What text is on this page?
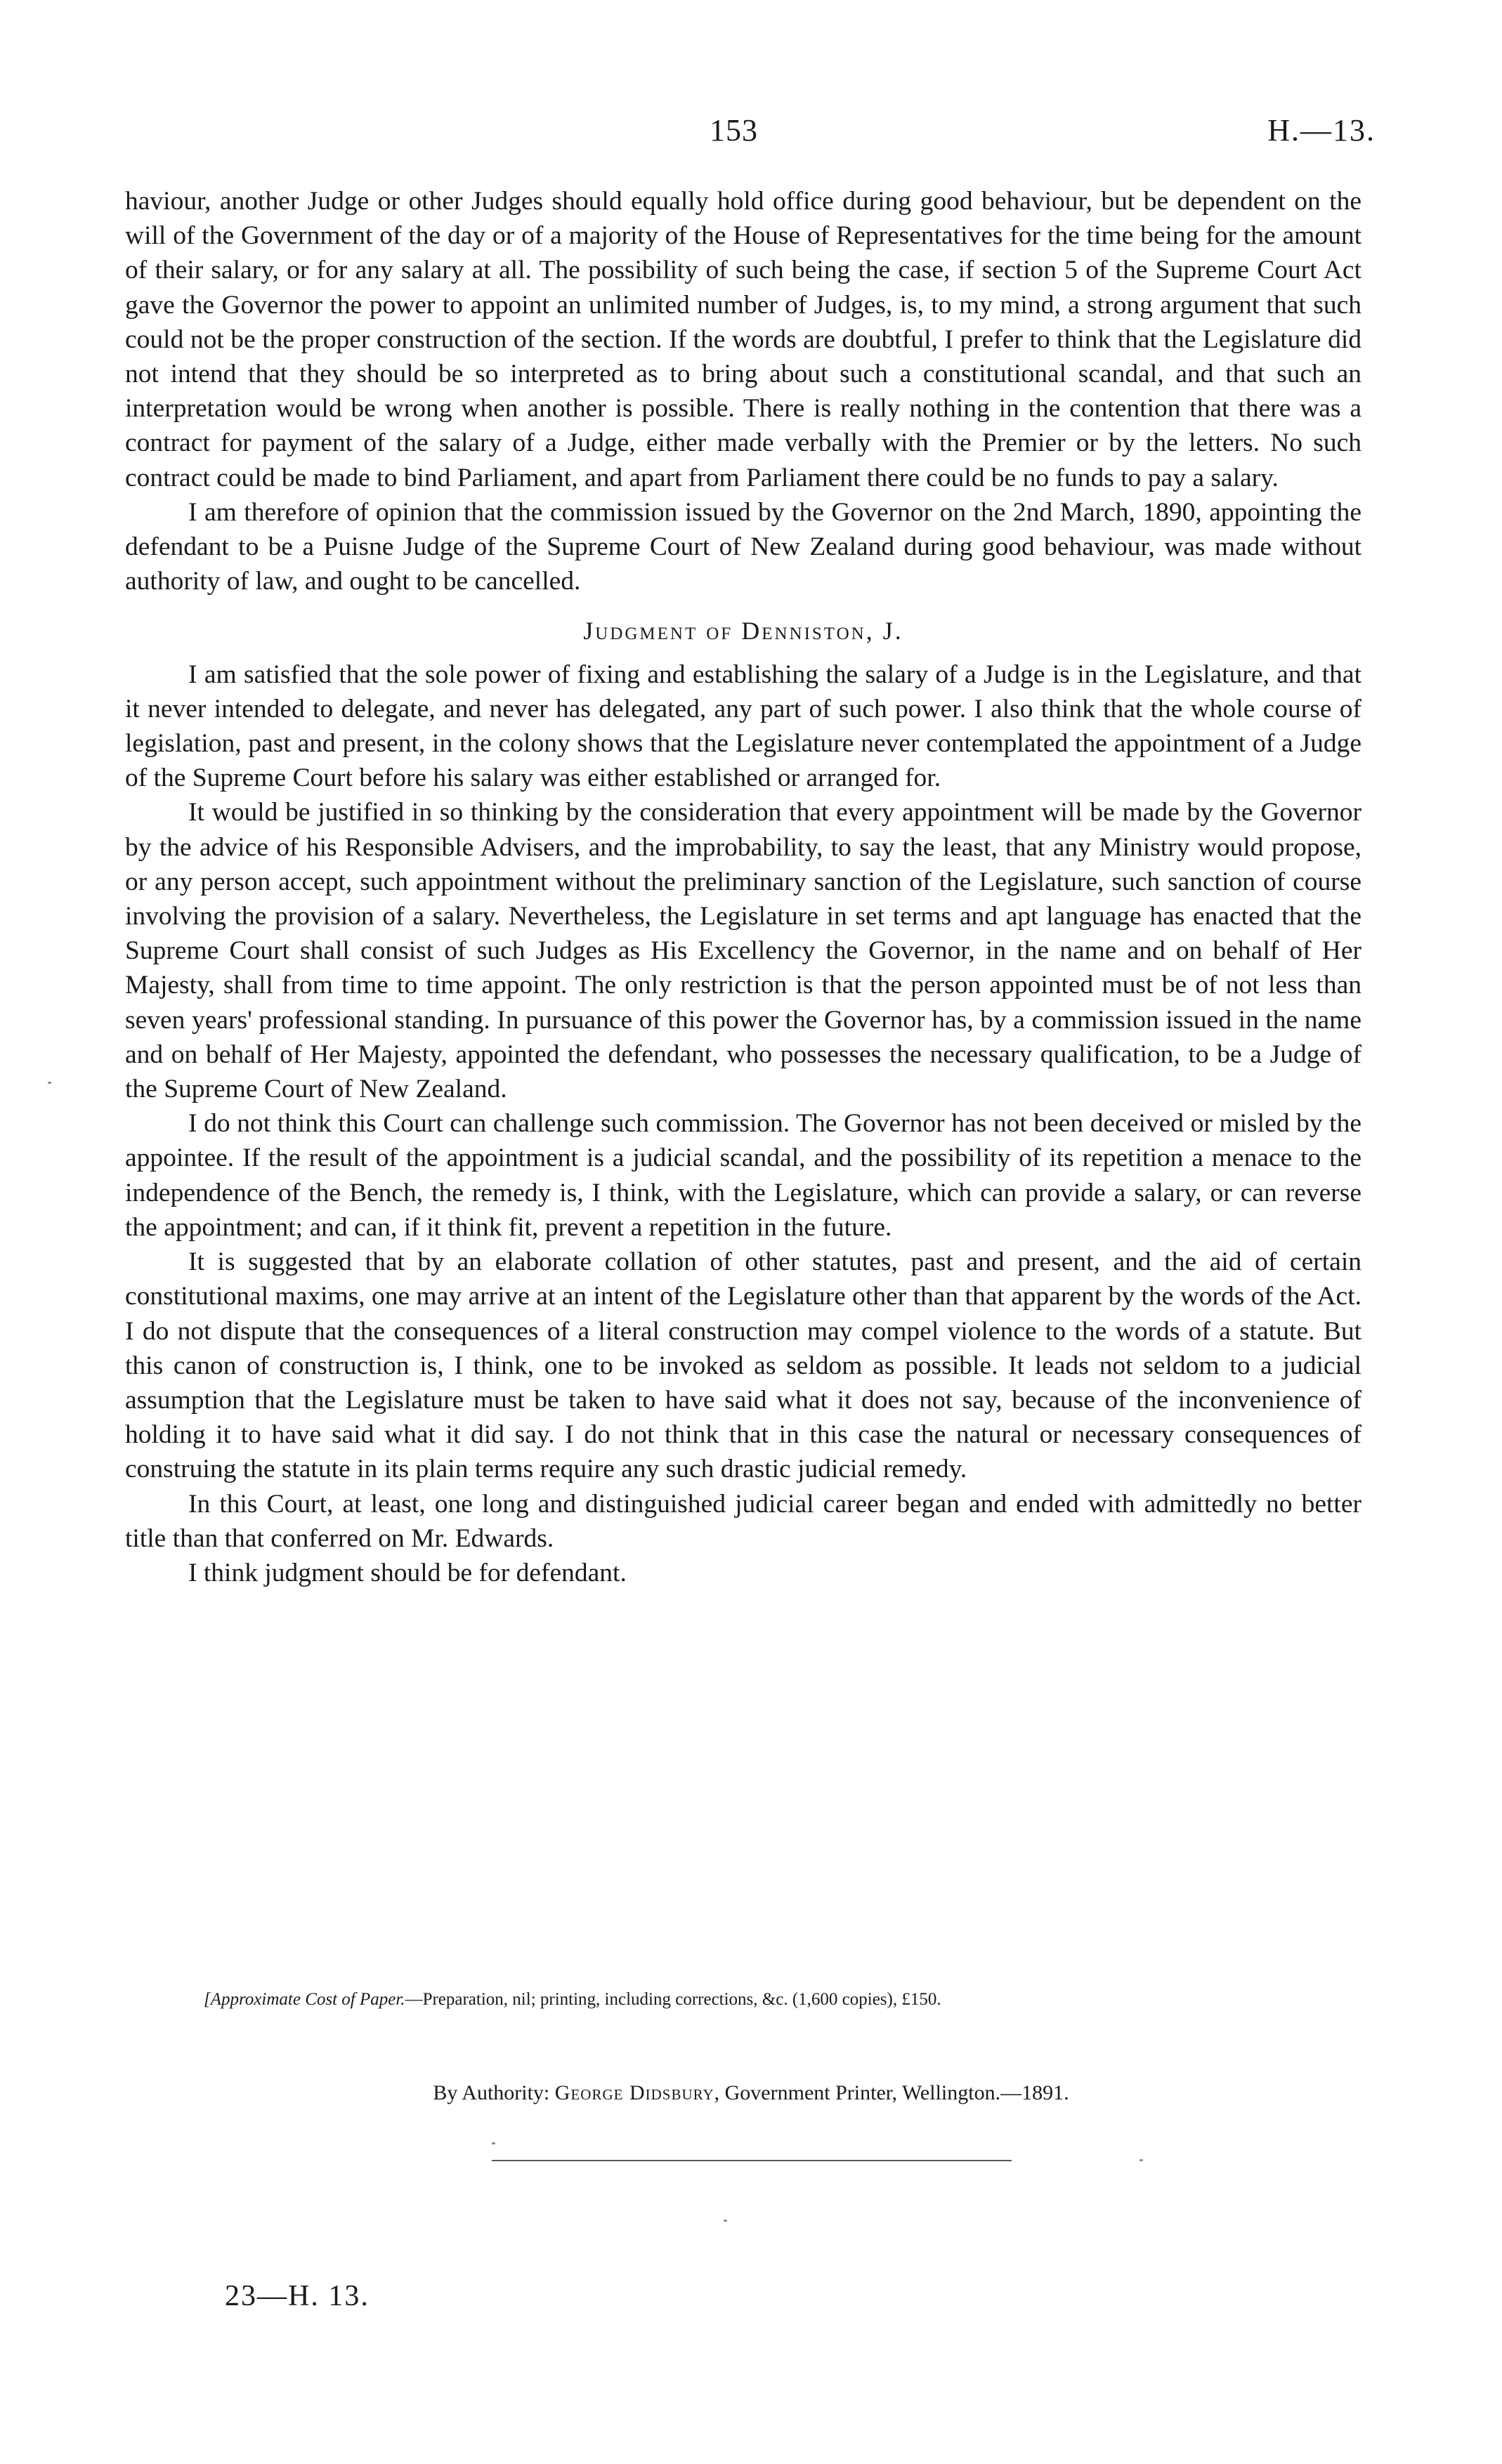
153	H.—13.

haviour, another Judge or other Judges should equally hold office during good behaviour, but be dependent on the will of the Government of the day or of a majority of the House of Representatives for the time being for the amount of their salary, or for any salary at all. The possibility of such being the case, if section 5 of the Supreme Court Act gave the Governor the power to appoint an unlimited number of Judges, is, to my mind, a strong argument that such could not be the proper construction of the section. If the words are doubtful, I prefer to think that the Legislature did not intend that they should be so interpreted as to bring about such a constitutional scandal, and that such an interpretation would be wrong when another is possible. There is really nothing in the contention that there was a contract for payment of the salary of a Judge, either made verbally with the Premier or by the letters. No such contract could be made to bind Parliament, and apart from Parliament there could be no funds to pay a salary.

I am therefore of opinion that the commission issued by the Governor on the 2nd March, 1890, appointing the defendant to be a Puisne Judge of the Supreme Court of New Zealand during good behaviour, was made without authority of law, and ought to be cancelled.

Judgment of Denniston, J.

I am satisfied that the sole power of fixing and establishing the salary of a Judge is in the Legislature, and that it never intended to delegate, and never has delegated, any part of such power. I also think that the whole course of legislation, past and present, in the colony shows that the Legislature never contemplated the appointment of a Judge of the Supreme Court before his salary was either established or arranged for.

It would be justified in so thinking by the consideration that every appointment will be made by the Governor by the advice of his Responsible Advisers, and the improbability, to say the least, that any Ministry would propose, or any person accept, such appointment without the preliminary sanction of the Legislature, such sanction of course involving the provision of a salary. Nevertheless, the Legislature in set terms and apt language has enacted that the Supreme Court shall consist of such Judges as His Excellency the Governor, in the name and on behalf of Her Majesty, shall from time to time appoint. The only restriction is that the person appointed must be of not less than seven years' professional standing. In pursuance of this power the Governor has, by a commission issued in the name and on behalf of Her Majesty, appointed the defendant, who possesses the necessary qualification, to be a Judge of the Supreme Court of New Zealand.

I do not think this Court can challenge such commission. The Governor has not been deceived or misled by the appointee. If the result of the appointment is a judicial scandal, and the possibility of its repetition a menace to the independence of the Bench, the remedy is, I think, with the Legislature, which can provide a salary, or can reverse the appointment; and can, if it think fit, prevent a repetition in the future.

It is suggested that by an elaborate collation of other statutes, past and present, and the aid of certain constitutional maxims, one may arrive at an intent of the Legislature other than that apparent by the words of the Act. I do not dispute that the consequences of a literal construction may compel violence to the words of a statute. But this canon of construction is, I think, one to be invoked as seldom as possible. It leads not seldom to a judicial assumption that the Legislature must be taken to have said what it does not say, because of the inconvenience of holding it to have said what it did say. I do not think that in this case the natural or necessary consequences of construing the statute in its plain terms require any such drastic judicial remedy.

In this Court, at least, one long and distinguished judicial career began and ended with admittedly no better title than that conferred on Mr. Edwards.

I think judgment should be for defendant.

[Approximate Cost of Paper.—Preparation, nil; printing, including corrections, &c. (1,600 copies), £150.
By Authority: George Didsbury, Government Printer, Wellington.—1891.
23—H. 13.
